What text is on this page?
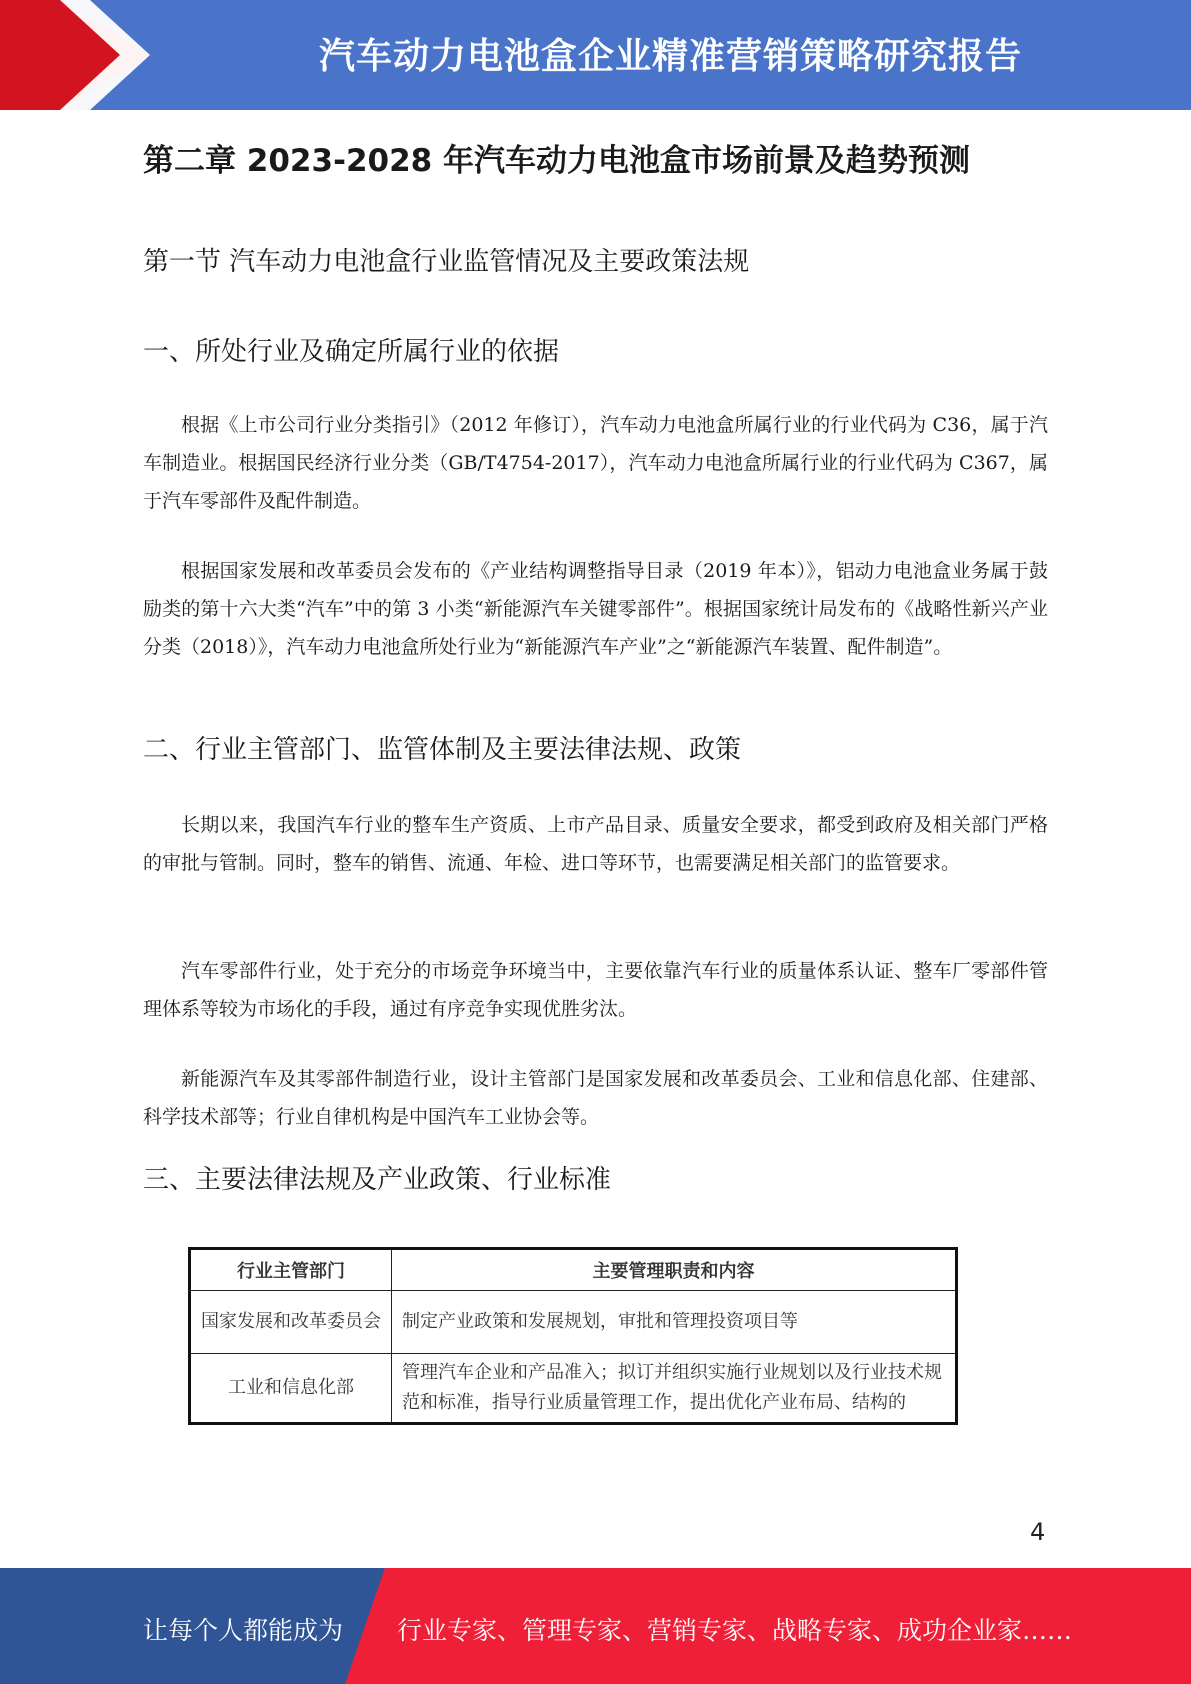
汽车动力电池盒企业精准营销策略研究报告
第二章 2023-2028 年汽车动力电池盒市场前景及趋势预测
第一节 汽车动力电池盒行业监管情况及主要政策法规
一、所处行业及确定所属行业的依据

根据《上市公司行业分类指引》（2012 年修订），汽车动力电池盒所属行业的行业代码为 C36，属于汽车制造业。根据国民经济行业分类（GB/T4754-2017），汽车动力电池盒所属行业的行业代码为 C367，属于汽车零部件及配件制造。

根据国家发展和改革委员会发布的《产业结构调整指导目录（2019 年本）》，铝动力电池盒业务属于鼓励类的第十六大类“汽车”中的第 3 小类“新能源汽车关键零部件”。根据国家统计局发布的《战略性新兴产业分类（2018）》，汽车动力电池盒所处行业为“新能源汽车产业”之“新能源汽车装置、配件制造”。

二、行业主管部门、监管体制及主要法律法规、政策

长期以来，我国汽车行业的整车生产资质、上市产品目录、质量安全要求，都受到政府及相关部门严格的审批与管制。同时，整车的销售、流通、年检、进口等环节，也需要满足相关部门的监管要求。

汽车零部件行业，处于充分的市场竞争环境当中，主要依靠汽车行业的质量体系认证、整车厂零部件管理体系等较为市场化的手段，通过有序竞争实现优胜劣汰。

新能源汽车及其零部件制造行业，设计主管部门是国家发展和改革委员会、工业和信息化部、住建部、科学技术部等；行业自律机构是中国汽车工业协会等。

三、主要法律法规及产业政策、行业标准
行业主管部门	主要管理职责和内容
国家发展和改革委员会	制定产业政策和发展规划，审批和管理投资项目等
工业和信息化部	管理汽车企业和产品准入；拟订并组织实施行业规划以及行业技术规范和标准，指导行业质量管理工作，提出优化产业布局、结构的
4
让每个人都能成为 行业专家、管理专家、营销专家、战略专家、成功企业家……
